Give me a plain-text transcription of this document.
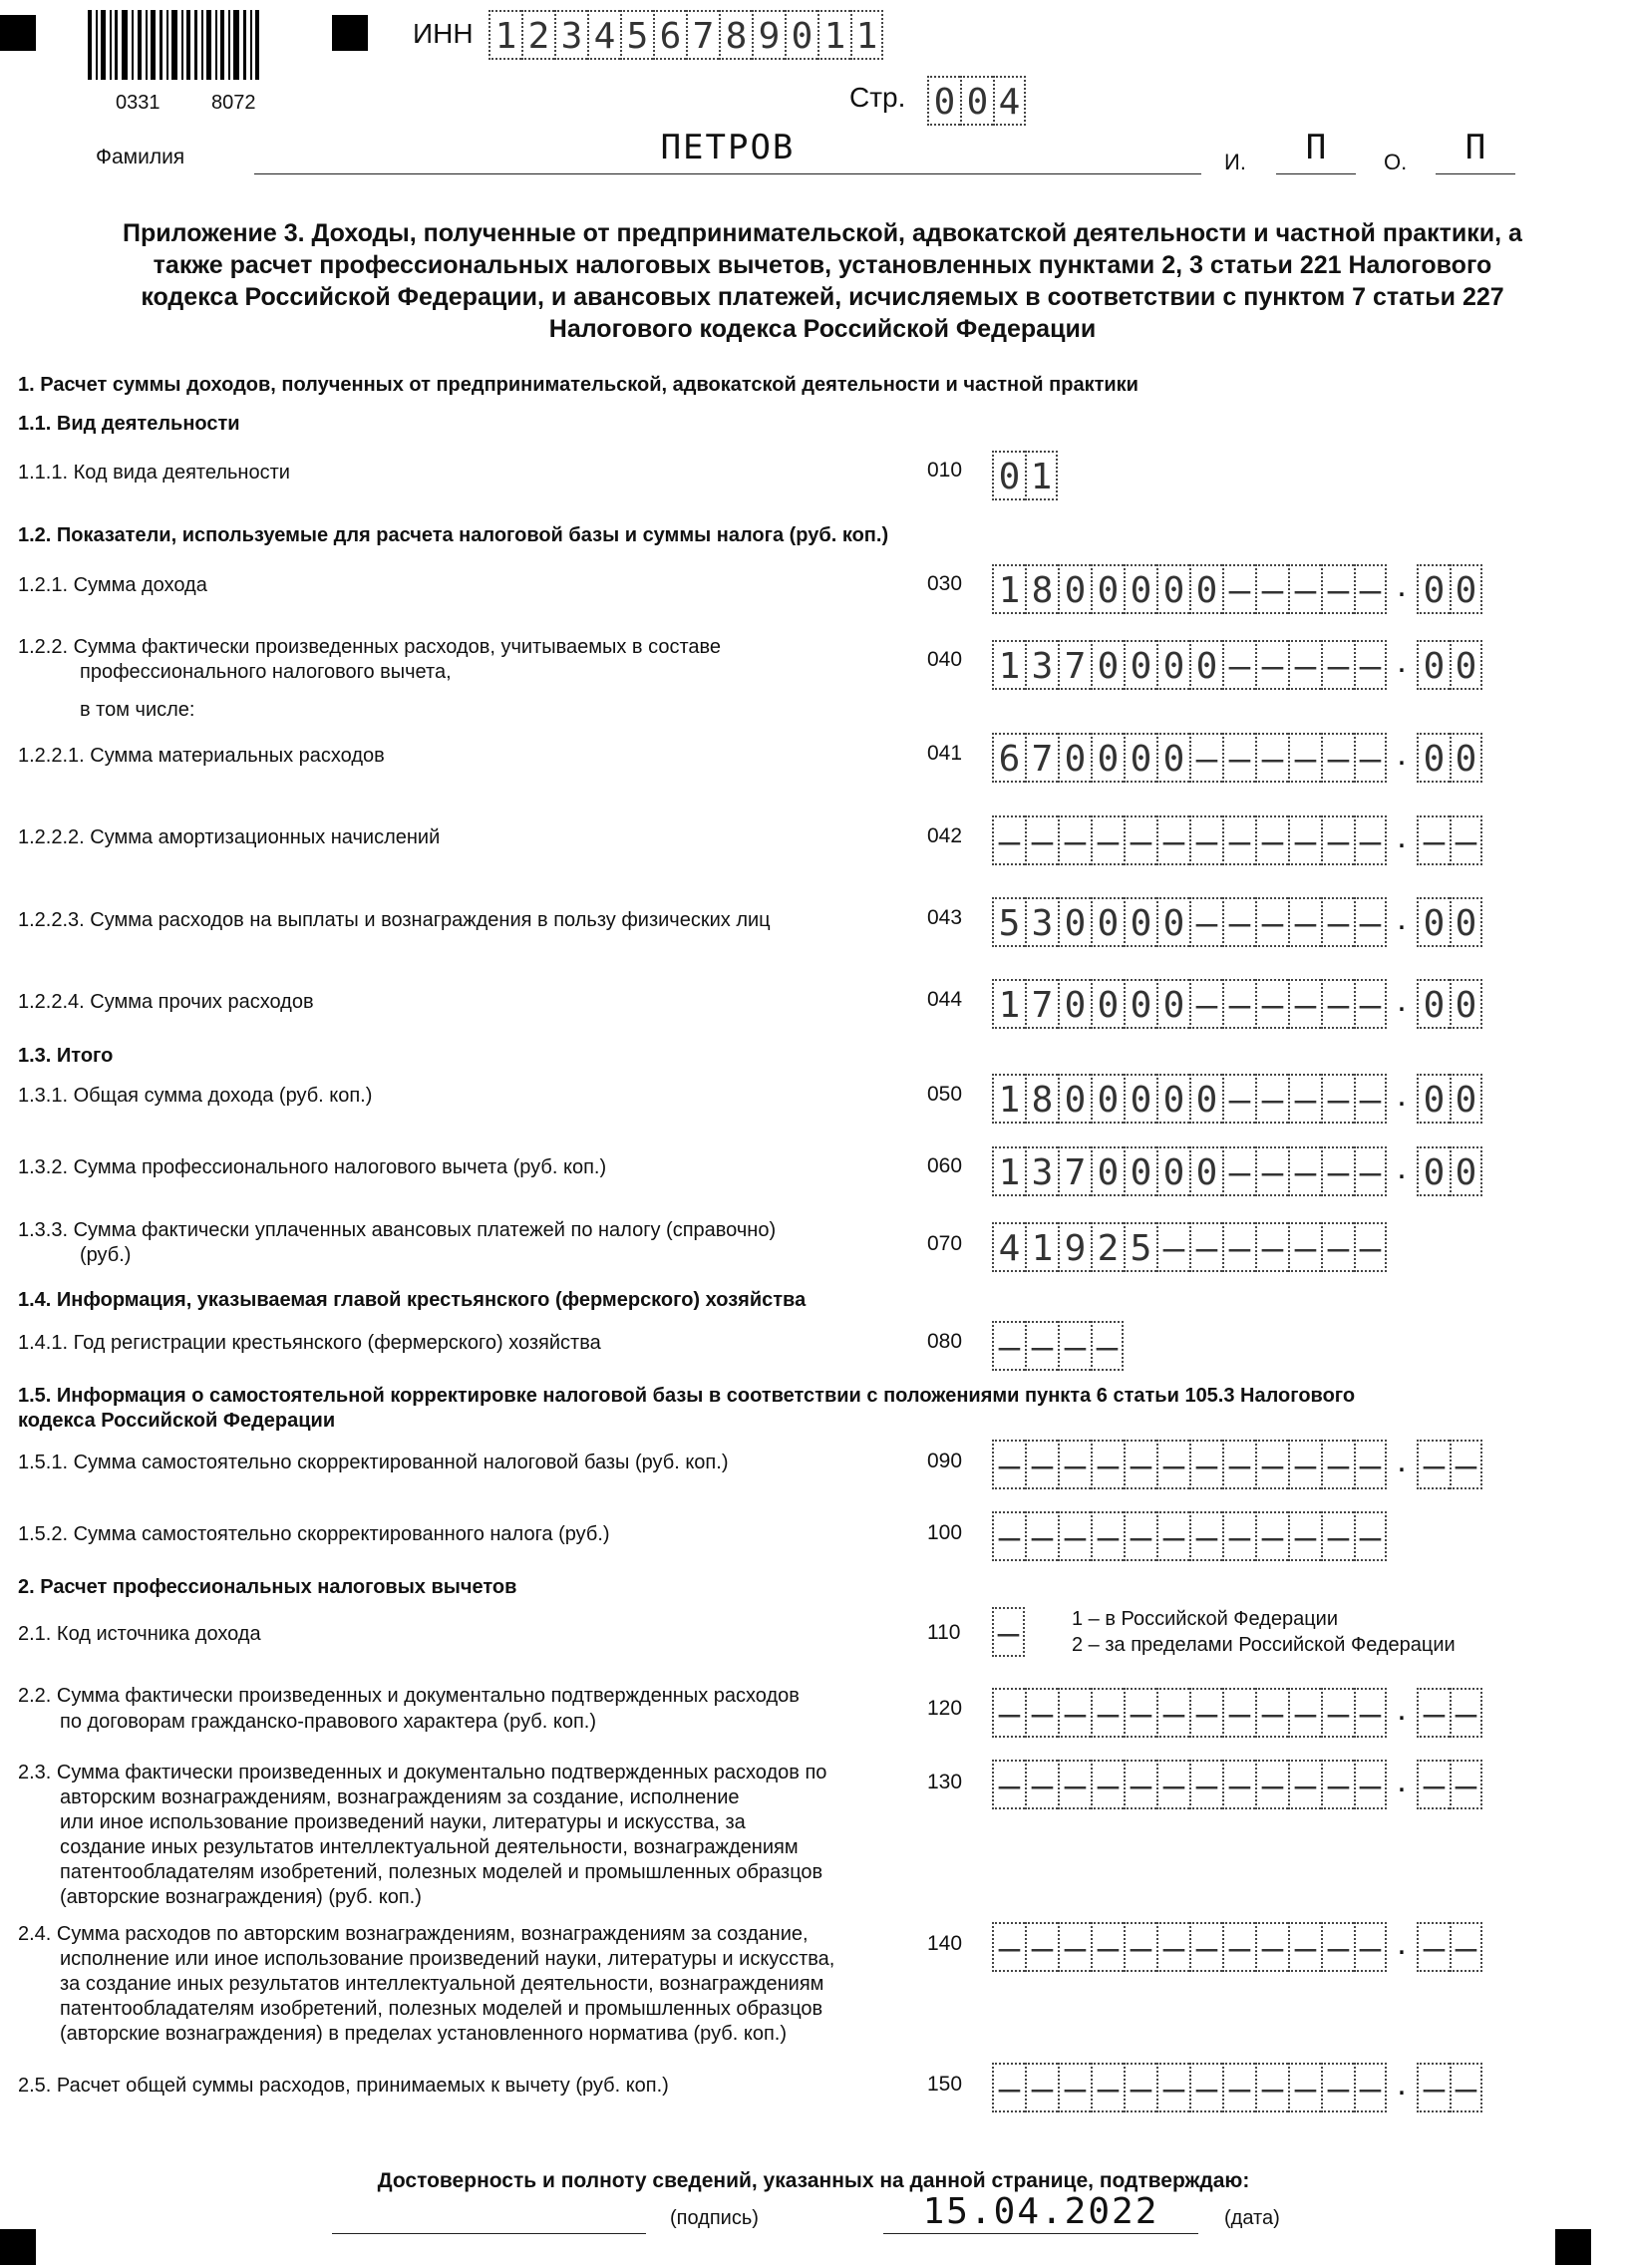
0331	8072
ИНН 1 2 3 4 5 6 7 8 9 0 1 1
Стр. 0 0 4
Фамилия	ПЕТРОВ	И.	П	О.	П
Приложение 3. Доходы, полученные от предпринимательской, адвокатской деятельности и частной практики, а также расчет профессиональных налоговых вычетов, установленных пунктами 2, 3 статьи 221 Налогового кодекса Российской Федерации, и авансовых платежей, исчисляемых в соответствии с пунктом 7 статьи 227 Налогового кодекса Российской Федерации
1. Расчет суммы доходов, полученных от предпринимательской, адвокатской деятельности и частной практики
1.1. Вид деятельности
1.2. Показатели, используемые для расчета налоговой базы и суммы налога (руб. коп.)
1.3. Итого
1.4. Информация, указываемая главой крестьянского (фермерского) хозяйства
1.5. Информация о самостоятельной корректировке налоговой базы в соответствии с положениями пункта 6 статьи 105.3 Налогового
кодекса Российской Федерации
2. Расчет профессиональных налоговых вычетов
1.1.1. Код вида деятельности	010 0 1
1.2.1. Сумма дохода	030 1 8 0 0 0 0 0 – – – – – . 0 0
1.2.2. Сумма фактически произведенных расходов, учитываемых в составе
профессионального налогового вычета,
в том числе:
040 1 3 7 0 0 0 0 – – – – – . 0 0
1.2.2.1. Сумма материальных расходов	041 6 7 0 0 0 0 – – – – – – . 0 0
1.2.2.2. Сумма амортизационных начислений	042 – – – – – – – – – – – – . – –
1.2.2.3. Сумма расходов на выплаты и вознаграждения в пользу физических лиц	043 5 3 0 0 0 0 – – – – – – . 0 0
1.2.2.4. Сумма прочих расходов	044 1 7 0 0 0 0 – – – – – – . 0 0
1.3.1. Общая сумма дохода (руб. коп.)	050 1 8 0 0 0 0 0 – – – – – . 0 0
1.3.2. Сумма профессионального налогового вычета (руб. коп.)	060 1 3 7 0 0 0 0 – – – – – . 0 0
1.3.3. Сумма фактически уплаченных авансовых платежей по налогу (справочно)
(руб.)	070 4 1 9 2 5 – – – – – – –
1.4.1. Год регистрации крестьянского (фермерского) хозяйства	080 – – – –
1.5.1. Сумма самостоятельно скорректированной налоговой базы (руб. коп.)	090 – – – – – – – – – – – – . – –
1.5.2. Сумма самостоятельно скорректированного налога (руб.)	100 – – – – – – – – – – – –
2.1. Код источника дохода	110 –	1 – в Российской Федерации
2 – за пределами Российской Федерации
2.2. Сумма фактически произведенных и документально подтвержденных расходов
по договорам гражданско-правового характера (руб. коп.)
120 – – – – – – – – – – – – . – –
2.3. Сумма фактически произведенных и документально подтвержденных расходов по
авторским вознаграждениям, вознаграждениям за создание, исполнение
или иное использование произведений науки, литературы и искусства, за
создание иных результатов интеллектуальной деятельности, вознаграждениям
патентообладателям изобретений, полезных моделей и промышленных образцов
(авторские вознаграждения) (руб. коп.)
130 – – – – – – – – – – – – . – –
2.4. Сумма расходов по авторским вознаграждениям, вознаграждениям за создание,
исполнение или иное использование произведений науки, литературы и искусства,
за создание иных результатов интеллектуальной деятельности, вознаграждениям
патентообладателям изобретений, полезных моделей и промышленных образцов
(авторские вознаграждения) в пределах установленного норматива (руб. коп.)
140 – – – – – – – – – – – – . – –
2.5. Расчет общей суммы расходов, принимаемых к вычету (руб. коп.)	150 – – – – – – – – – – – – . – –
Достоверность и полноту сведений, указанных на данной странице, подтверждаю:
(подпись)	15.04.2022	(дата)
